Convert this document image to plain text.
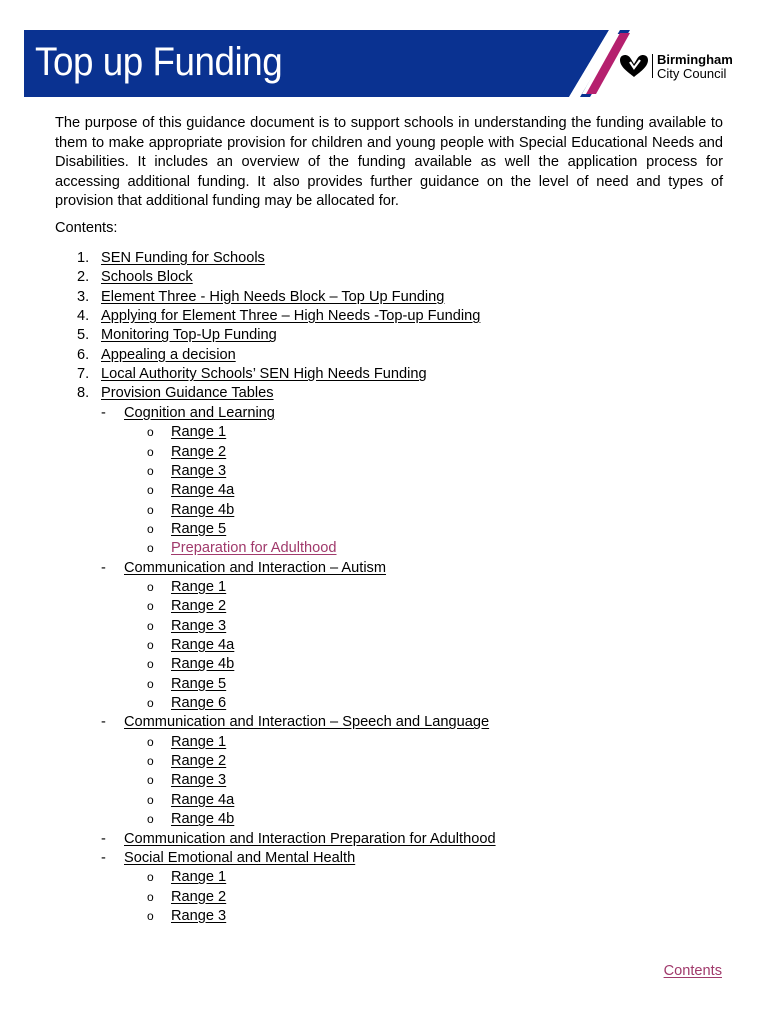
Top up Funding	Birmingham
City Council

The purpose of this guidance document is to support schools in understanding the funding available to them to make appropriate provision for children and young people with Special Educational Needs and Disabilities. It includes an overview of the funding available as well the application process for accessing additional funding. It also provides further guidance on the level of need and types of provision that additional funding may be allocated for.

Contents:

1. SEN Funding for Schools
2. Schools Block
3. Element Three - High Needs Block – Top Up Funding
4. Applying for Element Three – High Needs -Top-up Funding
5. Monitoring Top-Up Funding
6. Appealing a decision
7. Local Authority Schools’ SEN High Needs Funding
8. Provision Guidance Tables
- Cognition and Learning
o Range 1
o Range 2
o Range 3
o Range 4a
o Range 4b
o Range 5
o Preparation for Adulthood
- Communication and Interaction – Autism
o Range 1
o Range 2
o Range 3
o Range 4a
o Range 4b
o Range 5
o Range 6
- Communication and Interaction – Speech and Language
o Range 1
o Range 2
o Range 3
o Range 4a
o Range 4b
- Communication and Interaction Preparation for Adulthood
- Social Emotional and Mental Health
o Range 1
o Range 2
o Range 3
Contents
